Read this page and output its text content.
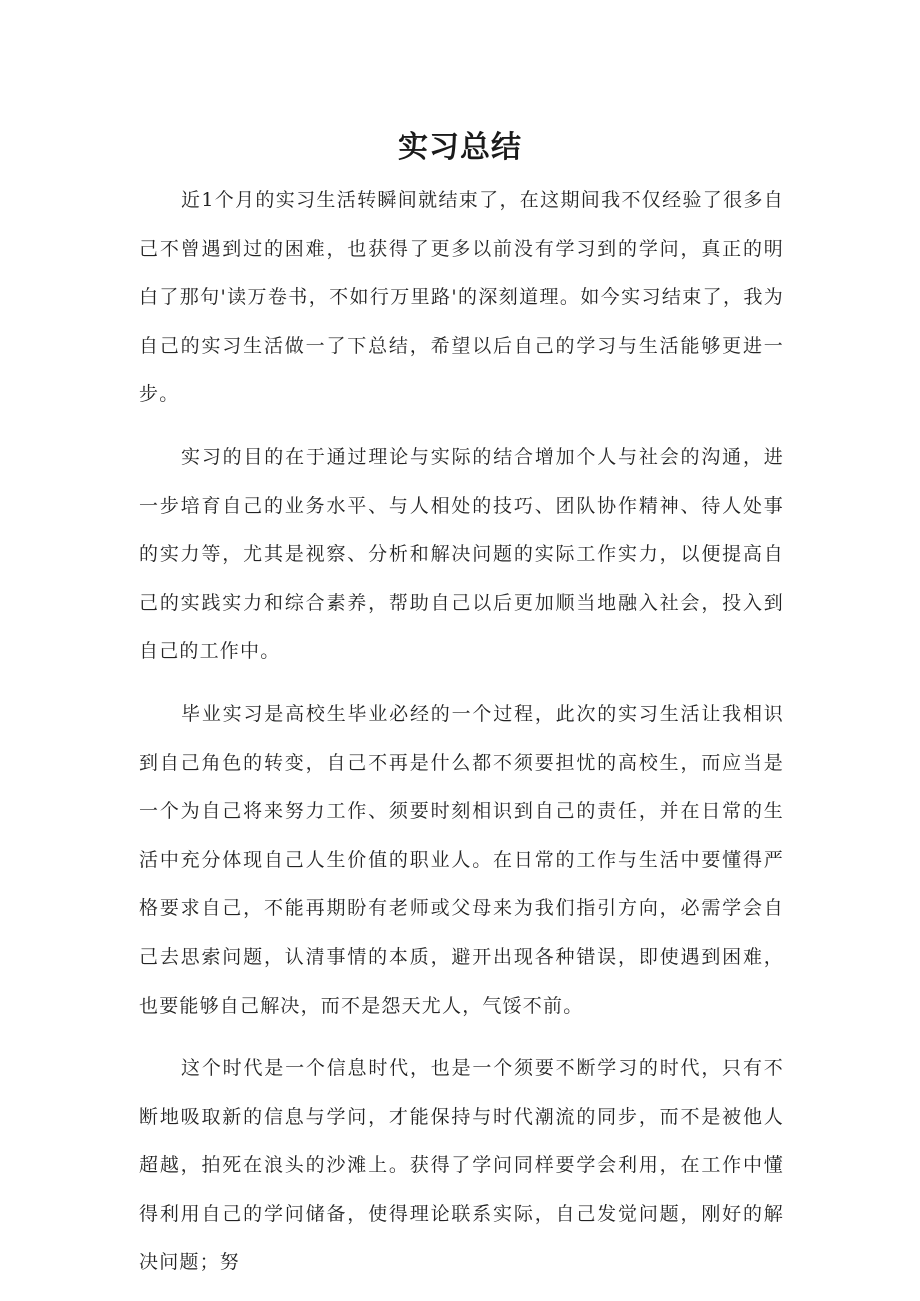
实习总结

近1个月的实习生活转瞬间就结束了，在这期间我不仅经验了很多自己不曾遇到过的困难，也获得了更多以前没有学习到的学问，真正的明白了那句'读万卷书，不如行万里路'的深刻道理。如今实习结束了，我为自己的实习生活做一了下总结，希望以后自己的学习与生活能够更进一步。

实习的目的在于通过理论与实际的结合增加个人与社会的沟通，进一步培育自己的业务水平、与人相处的技巧、团队协作精神、待人处事的实力等，尤其是视察、分析和解决问题的实际工作实力，以便提高自己的实践实力和综合素养，帮助自己以后更加顺当地融入社会，投入到自己的工作中。

毕业实习是高校生毕业必经的一个过程，此次的实习生活让我相识到自己角色的转变，自己不再是什么都不须要担忧的高校生，而应当是一个为自己将来努力工作、须要时刻相识到自己的责任，并在日常的生活中充分体现自己人生价值的职业人。在日常的工作与生活中要懂得严格要求自己，不能再期盼有老师或父母来为我们指引方向，必需学会自己去思索问题，认清事情的本质，避开出现各种错误，即使遇到困难，也要能够自己解决，而不是怨天尤人，气馁不前。

这个时代是一个信息时代，也是一个须要不断学习的时代，只有不断地吸取新的信息与学问，才能保持与时代潮流的同步，而不是被他人超越，拍死在浪头的沙滩上。获得了学问同样要学会利用，在工作中懂得利用自己的学问储备，使得理论联系实际，自己发觉问题，刚好的解决问题；努
